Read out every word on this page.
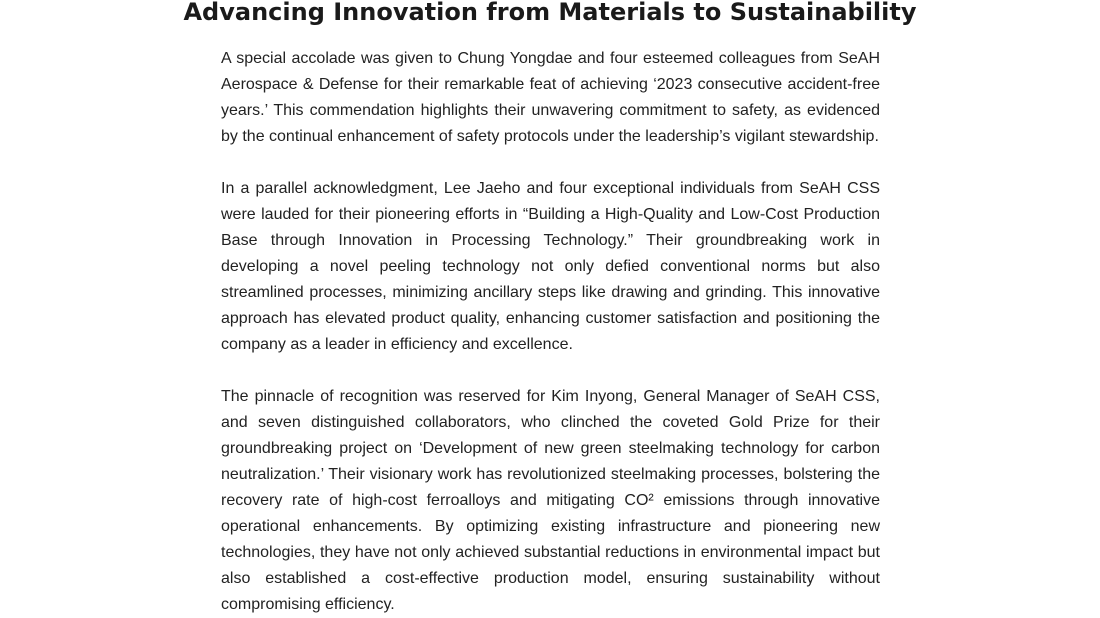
Advancing Innovation from Materials to Sustainability

A special accolade was given to Chung Yongdae and four esteemed colleagues from SeAH Aerospace & Defense for their remarkable feat of achieving ‘2023 consecutive accident-free years.’ This commendation highlights their unwavering commitment to safety, as evidenced by the continual enhancement of safety protocols under the leadership’s vigilant stewardship.

In a parallel acknowledgment, Lee Jaeho and four exceptional individuals from SeAH CSS were lauded for their pioneering efforts in “Building a High-Quality and Low-Cost Production Base through Innovation in Processing Technology.” Their groundbreaking work in developing a novel peeling technology not only defied conventional norms but also streamlined processes, minimizing ancillary steps like drawing and grinding. This innovative approach has elevated product quality, enhancing customer satisfaction and positioning the company as a leader in efficiency and excellence.

The pinnacle of recognition was reserved for Kim Inyong, General Manager of SeAH CSS, and seven distinguished collaborators, who clinched the coveted Gold Prize for their groundbreaking project on ‘Development of new green steelmaking technology for carbon neutralization.’ Their visionary work has revolutionized steelmaking processes, bolstering the recovery rate of high-cost ferroalloys and mitigating CO² emissions through innovative operational enhancements. By optimizing existing infrastructure and pioneering new technologies, they have not only achieved substantial reductions in environmental impact but also established a cost-effective production model, ensuring sustainability without compromising efficiency.
